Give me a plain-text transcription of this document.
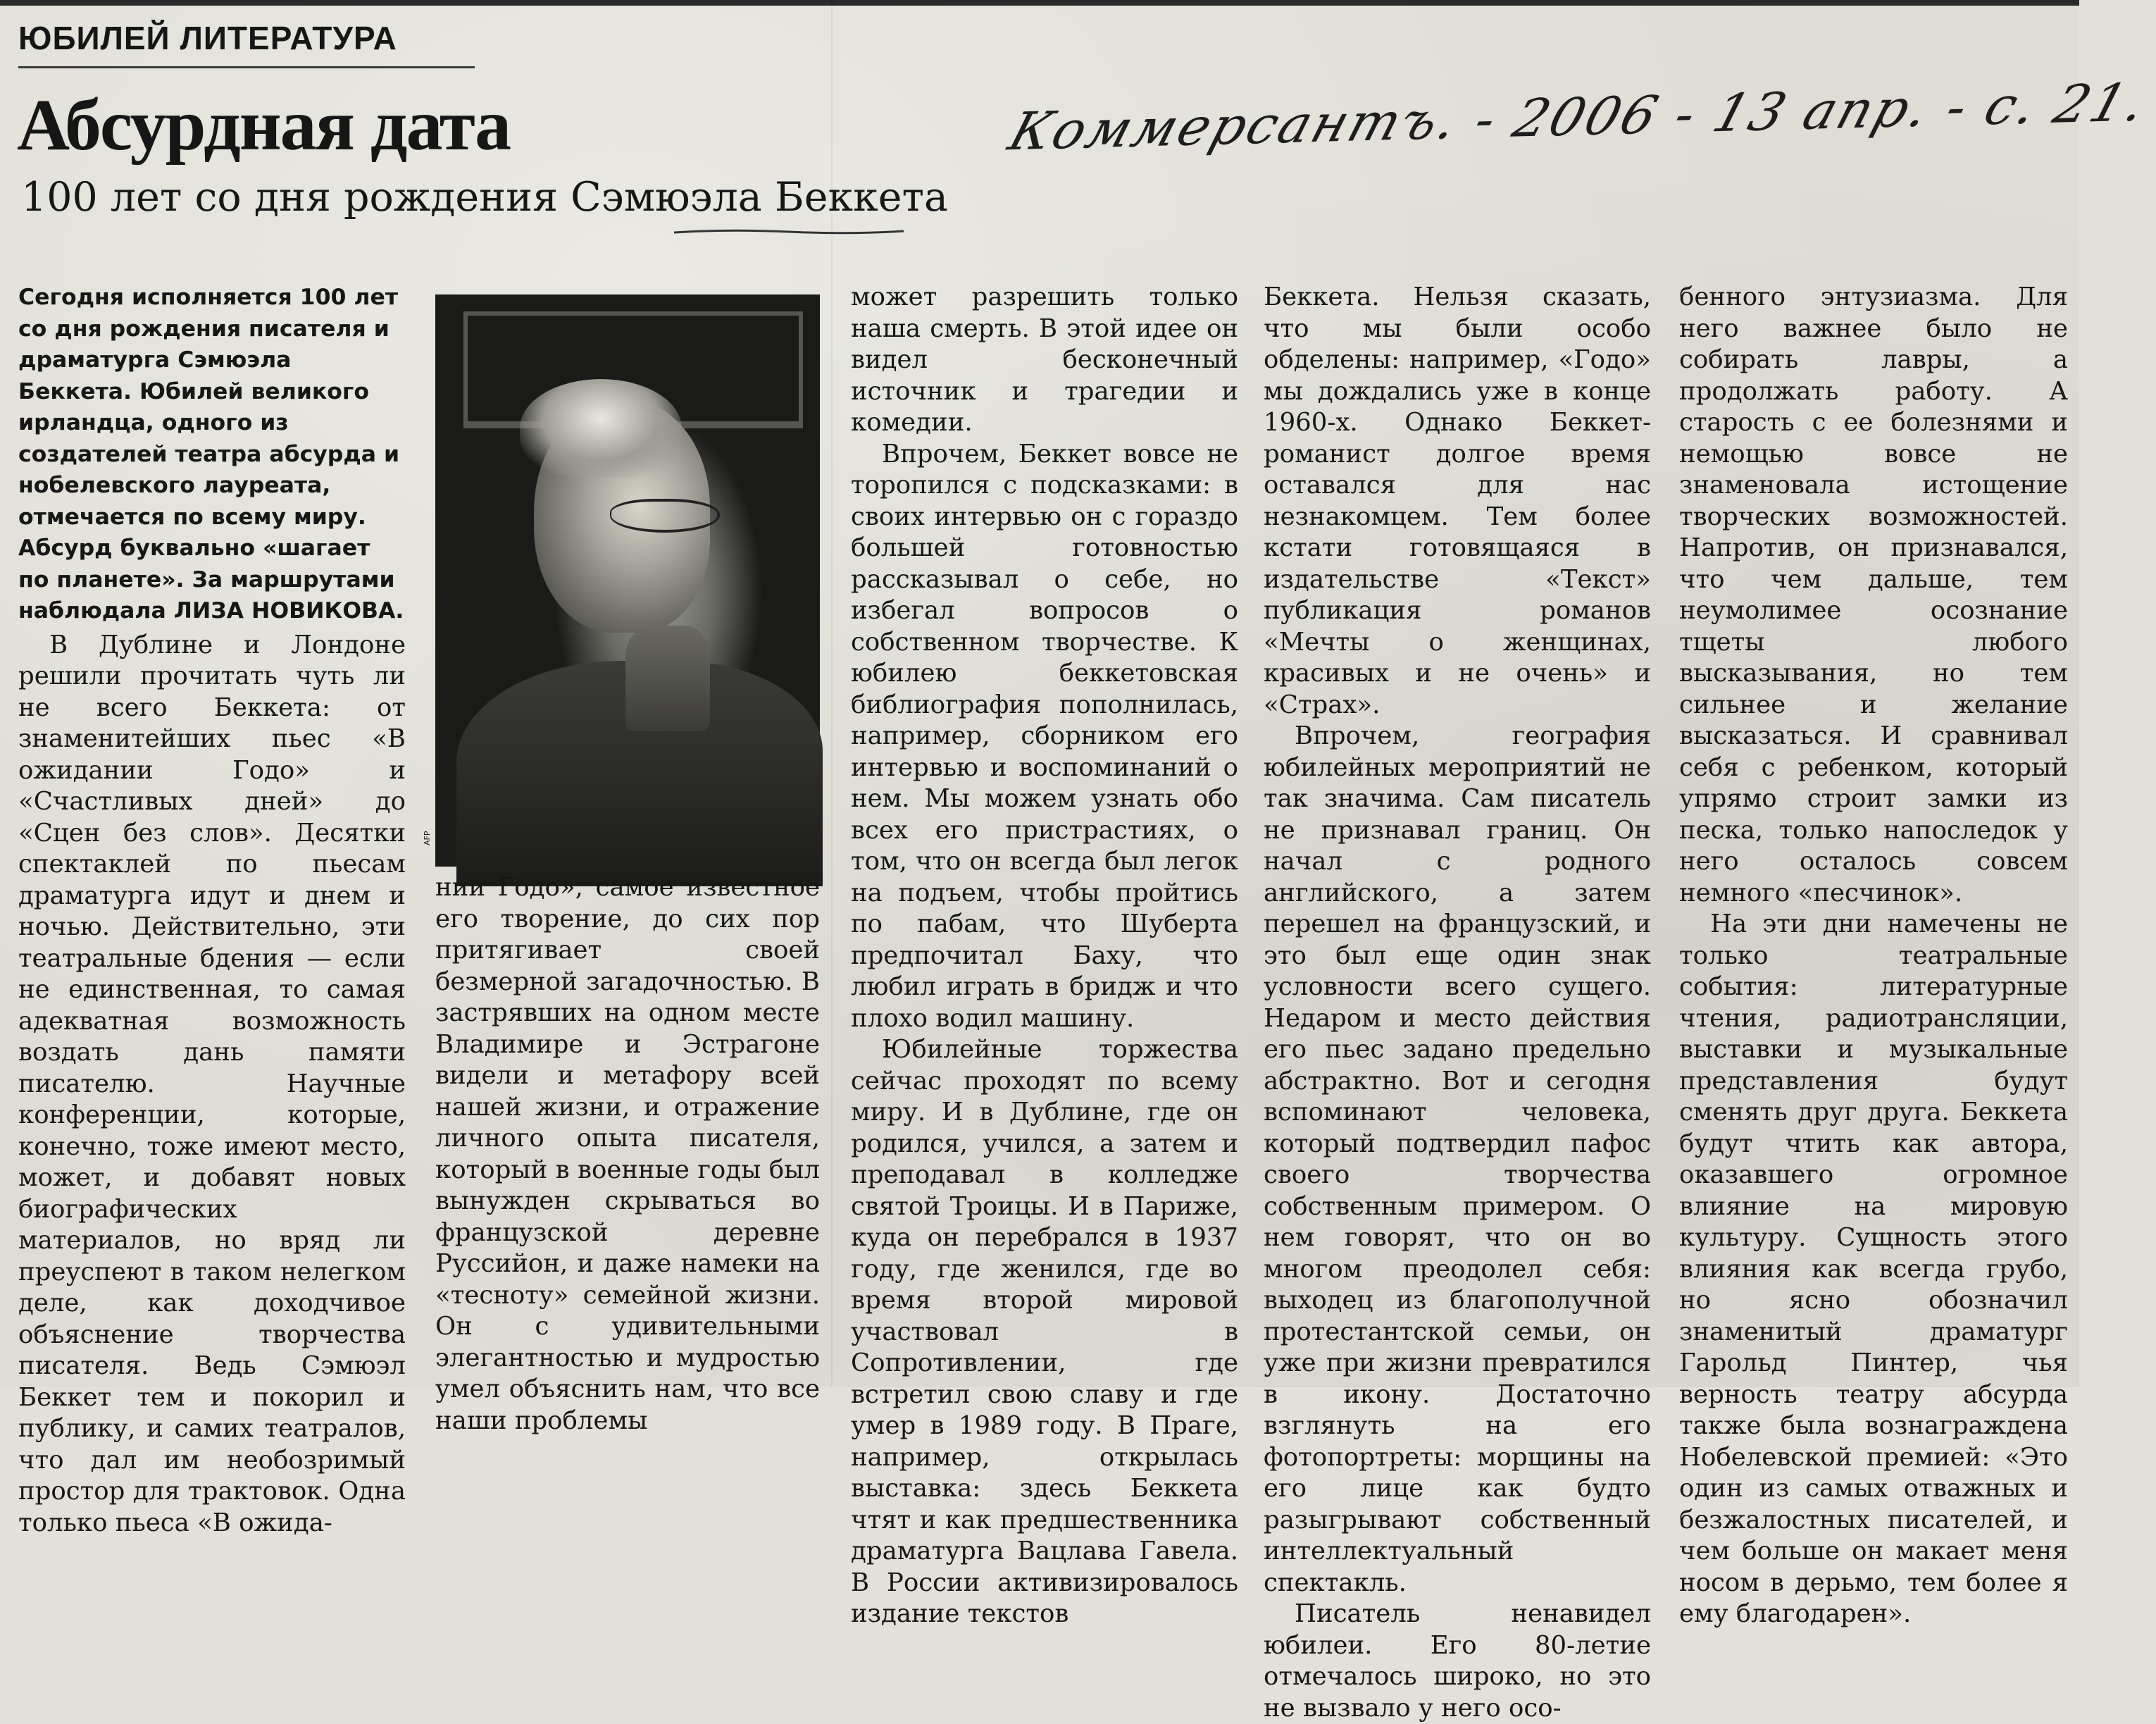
ЮБИЛЕЙ ЛИТЕРАТУРА
Абсурдная дата
100 лет со дня рождения Сэмюэла Беккета
Коммерсантъ. - 2006 - 13 апр. - с. 21.

Сегодня исполняется 100 лет со дня рождения писателя и драматурга Сэмюэла Беккета. Юбилей великого ирландца, одного из создателей театра абсурда и нобелевского лауреата, отмечается по всему миру. Абсурд буквально «шагает по планете». За маршрутами наблюдала ЛИЗА НОВИКОВА.

В Дублине и Лондоне решили прочитать чуть ли не всего Беккета: от знаменитейших пьес «В ожидании Годо» и «Счастливых дней» до «Сцен без слов». Десятки спектаклей по пьесам драматурга идут и днем и ночью. Действительно, эти театральные бдения — если не единственная, то самая адекватная возможность воздать дань памяти писателю. Научные конференции, которые, конечно, тоже имеют место, может, и добавят новых биографических материалов, но вряд ли преуспеют в таком нелегком деле, как доходчивое объяснение творчества писателя. Ведь Сэмюэл Беккет тем и покорил и публику, и самих театралов, что дал им необозримый простор для трактовок. Одна только пьеса «В ожида-

AFP

нии Годо», самое известное его творение, до сих пор притягивает своей безмерной загадочностью. В застрявших на одном месте Владимире и Эстрагоне видели и метафору всей нашей жизни, и отражение личного опыта писателя, который в военные годы был вынужден скрываться во французской деревне Руссийон, и даже намеки на «тесноту» семейной жизни. Он с удивительными элегантностью и мудростью умел объяснить нам, что все наши проблемы

может разрешить только наша смерть. В этой идее он видел бесконечный источник и трагедии и комедии.

Впрочем, Беккет вовсе не торопился с подсказками: в своих интервью он с гораздо большей готовностью рассказывал о себе, но избегал вопросов о собственном творчестве. К юбилею беккетовская библиография пополнилась, например, сборником его интервью и воспоминаний о нем. Мы можем узнать обо всех его пристрастиях, о том, что он всегда был легок на подъем, чтобы пройтись по пабам, что Шуберта предпочитал Баху, что любил играть в бридж и что плохо водил машину.

Юбилейные торжества сейчас проходят по всему миру. И в Дублине, где он родился, учился, а затем и преподавал в колледже святой Троицы. И в Париже, куда он перебрался в 1937 году, где женился, где во время второй мировой участвовал в Сопротивлении, где встретил свою славу и где умер в 1989 году. В Праге, например, открылась выставка: здесь Беккета чтят и как предшественника драматурга Вацлава Гавела. В России активизировалось издание текстов

Беккета. Нельзя сказать, что мы были особо обделены: например, «Годо» мы дождались уже в конце 1960-х. Однако Беккет-романист долгое время оставался для нас незнакомцем. Тем более кстати готовящаяся в издательстве «Текст» публикация романов «Мечты о женщинах, красивых и не очень» и «Страх».

Впрочем, география юбилейных мероприятий не так значима. Сам писатель не признавал границ. Он начал с родного английского, а затем перешел на французский, и это был еще один знак условности всего сущего. Недаром и место действия его пьес задано предельно абстрактно. Вот и сегодня вспоминают человека, который подтвердил пафос своего творчества собственным примером. О нем говорят, что он во многом преодолел себя: выходец из благополучной протестантской семьи, он уже при жизни превратился в икону. Достаточно взглянуть на его фотопортреты: морщины на его лице как будто разыгрывают собственный интеллектуальный спектакль.

Писатель ненавидел юбилеи. Его 80-летие отмечалось широко, но это не вызвало у него осо-

бенного энтузиазма. Для него важнее было не собирать лавры, а продолжать работу. А старость с ее болезнями и немощью вовсе не знаменовала истощение творческих возможностей. Напротив, он признавался, что чем дальше, тем неумолимее осознание тщеты любого высказывания, но тем сильнее и желание высказаться. И сравнивал себя с ребенком, который упрямо строит замки из песка, только напоследок у него осталось совсем немного «песчинок».

На эти дни намечены не только театральные события: литературные чтения, радиотрансляции, выставки и музыкальные представления будут сменять друг друга. Беккета будут чтить как автора, оказавшего огромное влияние на мировую культуру. Сущность этого влияния как всегда грубо, но ясно обозначил знаменитый драматург Гарольд Пинтер, чья верность театру абсурда также была вознаграждена Нобелевской премией: «Это один из самых отважных и безжалостных писателей, и чем больше он макает меня носом в дерьмо, тем более я ему благодарен».
